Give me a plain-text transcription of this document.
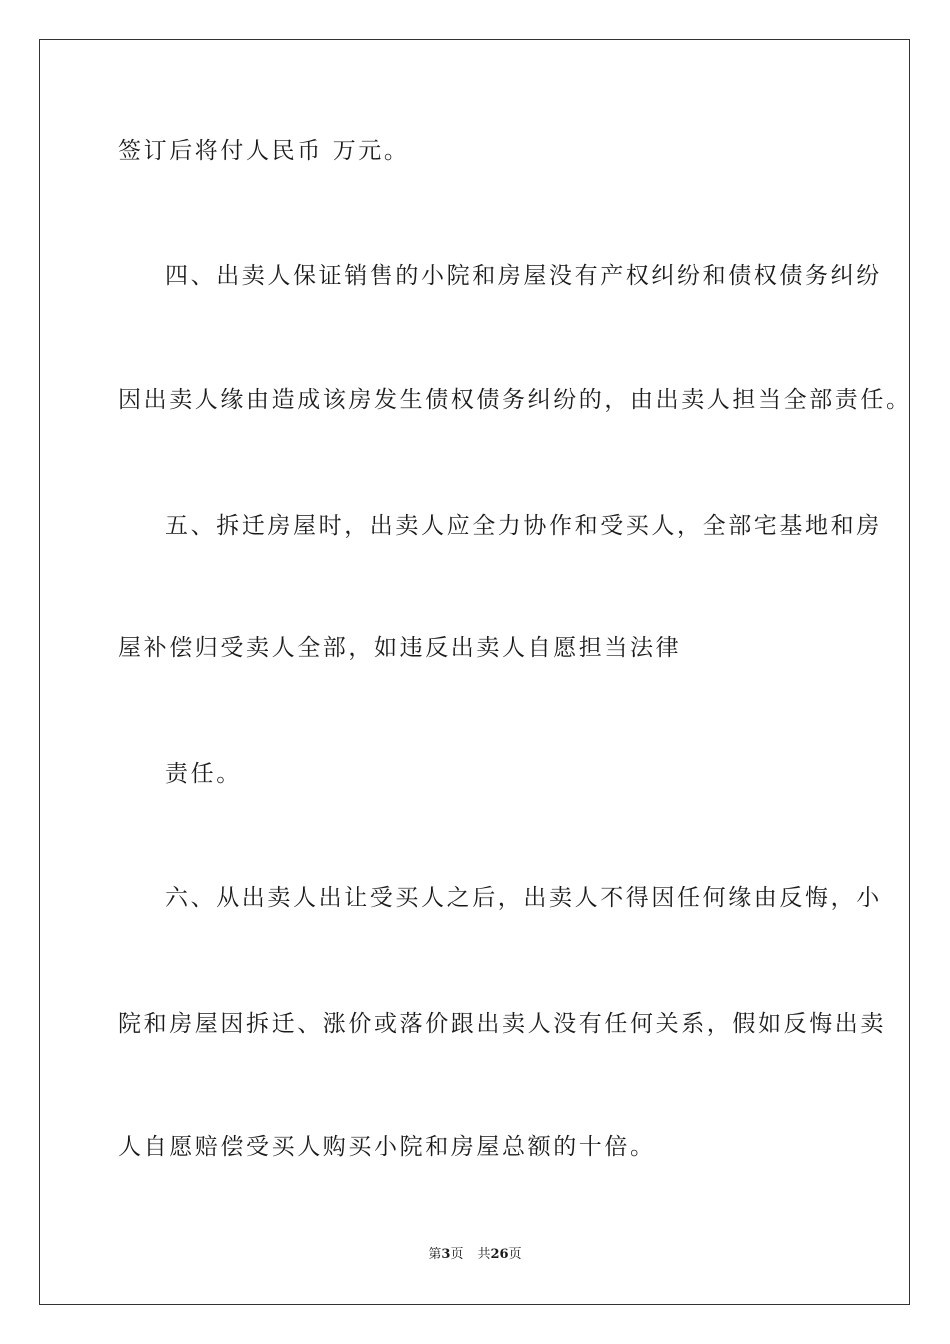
签订后将付人民币 万元。
四、出卖人保证销售的小院和房屋没有产权纠纷和债权债务纠纷
因出卖人缘由造成该房发生债权债务纠纷的，由出卖人担当全部责任。
五、拆迁房屋时，出卖人应全力协作和受买人，全部宅基地和房
屋补偿归受卖人全部，如违反出卖人自愿担当法律
责任。
六、从出卖人出让受买人之后，出卖人不得因任何缘由反悔，小
院和房屋因拆迁、涨价或落价跟出卖人没有任何关系，假如反悔出卖
人自愿赔偿受买人购买小院和房屋总额的十倍。
第3页 共26页
